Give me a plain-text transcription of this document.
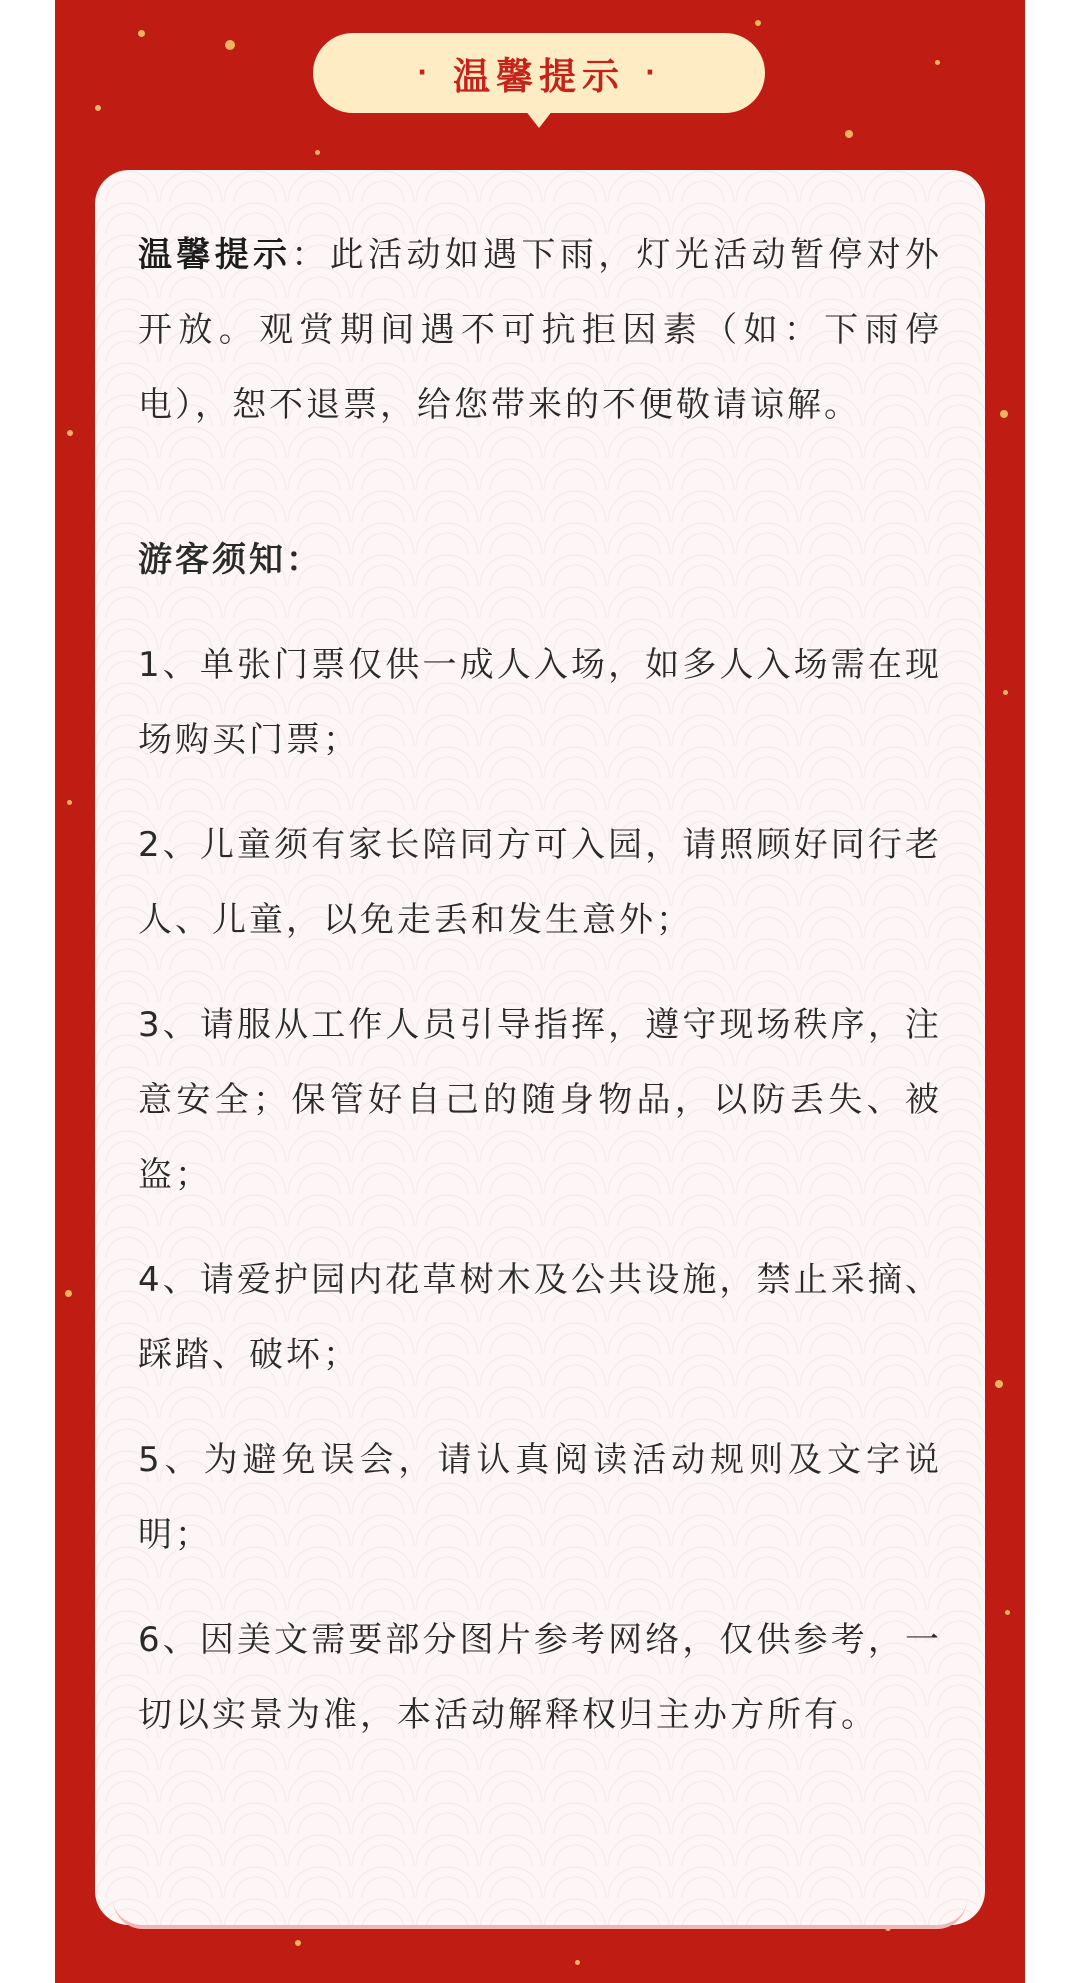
· 温馨提示 ·

温馨提示：此活动如遇下雨，灯光活动暂停对外开放。观赏期间遇不可抗拒因素（如：下雨停电），恕不退票，给您带来的不便敬请谅解。

游客须知：

1、单张门票仅供一成人入场，如多人入场需在现场购买门票；

2、儿童须有家长陪同方可入园，请照顾好同行老人、儿童，以免走丢和发生意外；

3、请服从工作人员引导指挥，遵守现场秩序，注意安全；保管好自己的随身物品，以防丢失、被盗；

4、请爱护园内花草树木及公共设施，禁止采摘、踩踏、破坏；

5、为避免误会，请认真阅读活动规则及文字说明；

6、因美文需要部分图片参考网络，仅供参考，一切以实景为准，本活动解释权归主办方所有。
